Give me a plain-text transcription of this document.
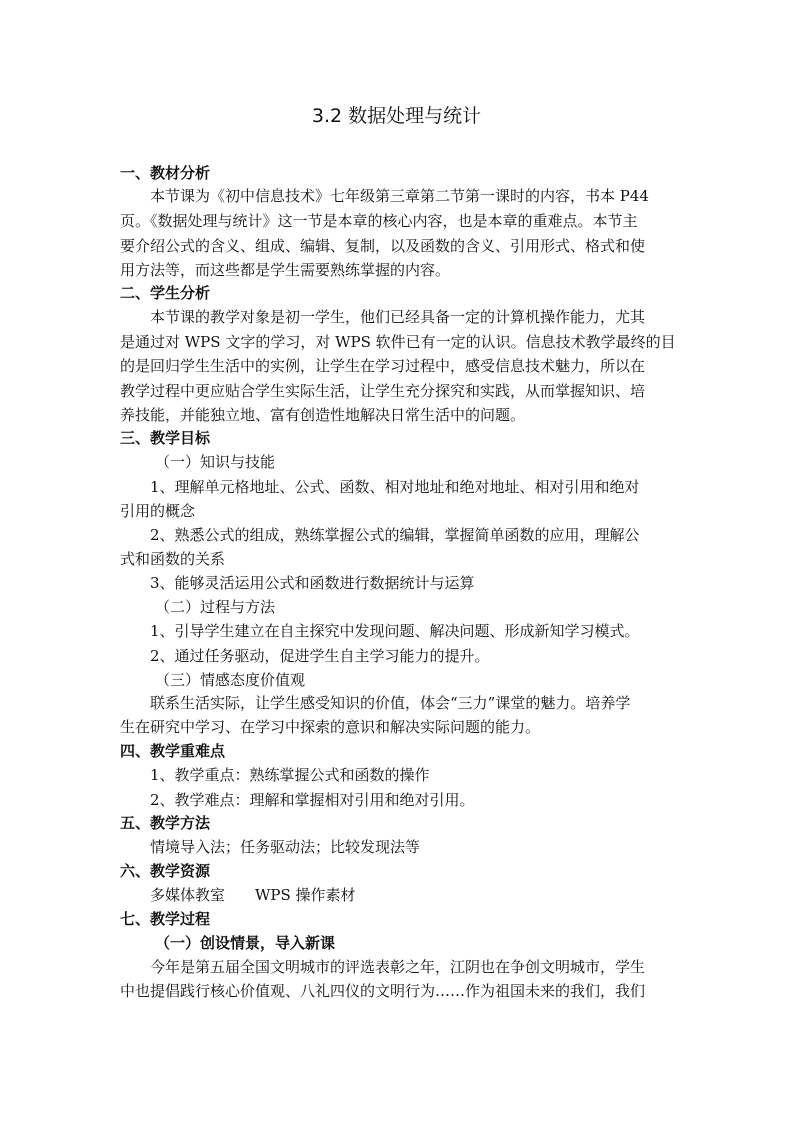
3.2 数据处理与统计
一、教材分析
本节课为《初中信息技术》七年级第三章第二节第一课时的内容，书本 P44
页。《数据处理与统计》这一节是本章的核心内容，也是本章的重难点。本节主
要介绍公式的含义、组成、编辑、复制，以及函数的含义、引用形式、格式和使
用方法等，而这些都是学生需要熟练掌握的内容。
二、学生分析
本节课的教学对象是初一学生，他们已经具备一定的计算机操作能力，尤其
是通过对 WPS 文字的学习，对 WPS 软件已有一定的认识。信息技术教学最终的目
的是回归学生生活中的实例，让学生在学习过程中，感受信息技术魅力，所以在
教学过程中更应贴合学生实际生活，让学生充分探究和实践，从而掌握知识、培
养技能，并能独立地、富有创造性地解决日常生活中的问题。
三、教学目标
（一）知识与技能
1、理解单元格地址、公式、函数、相对地址和绝对地址、相对引用和绝对
引用的概念
2、熟悉公式的组成，熟练掌握公式的编辑，掌握简单函数的应用，理解公
式和函数的关系
3、能够灵活运用公式和函数进行数据统计与运算
（二）过程与方法
1、引导学生建立在自主探究中发现问题、解决问题、形成新知学习模式。
2、通过任务驱动，促进学生自主学习能力的提升。
（三）情感态度价值观
联系生活实际，让学生感受知识的价值，体会“三力”课堂的魅力。培养学
生在研究中学习、在学习中探索的意识和解决实际问题的能力。
四、教学重难点
1、教学重点：熟练掌握公式和函数的操作
2、教学难点：理解和掌握相对引用和绝对引用。
五、教学方法
情境导入法；任务驱动法；比较发现法等
六、教学资源
多媒体教室　　WPS 操作素材
七、教学过程
（一）创设情景，导入新课
今年是第五届全国文明城市的评选表彰之年，江阴也在争创文明城市，学生
中也提倡践行核心价值观、八礼四仪的文明行为……作为祖国未来的我们，我们
